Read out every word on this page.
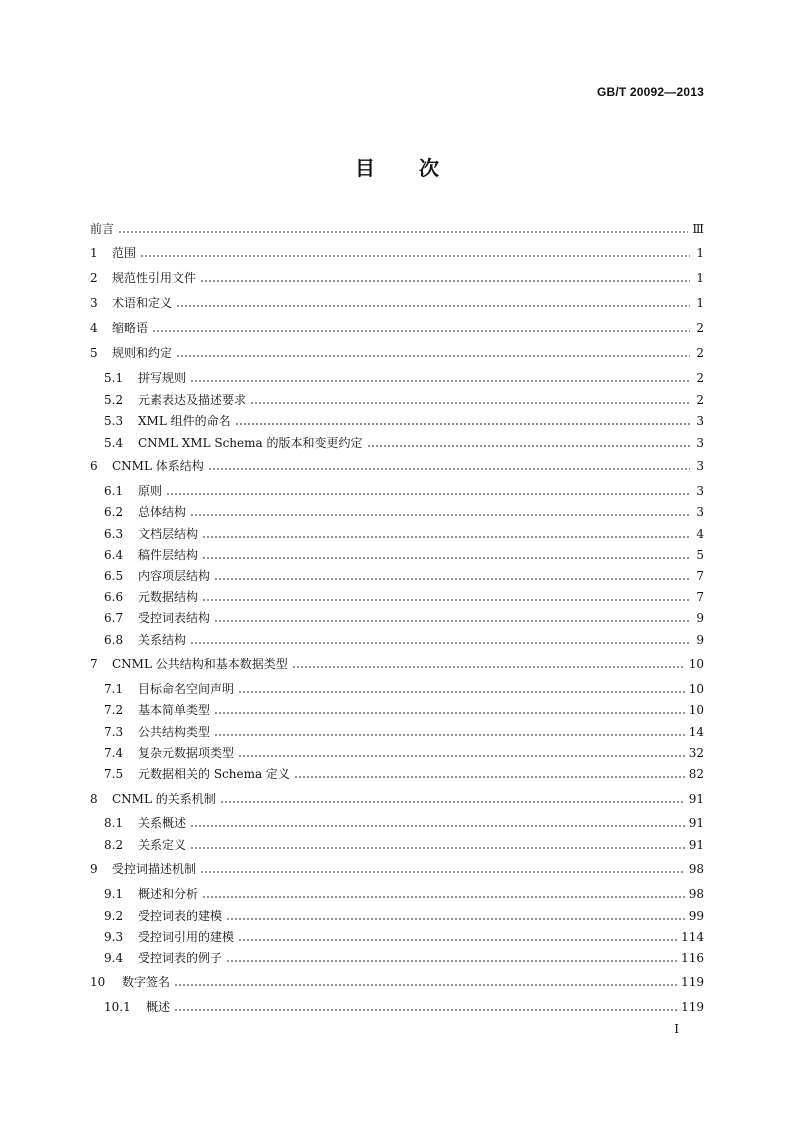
GB/T 20092—2013
目次
前言	Ⅲ
1	范围	1
2	规范性引用文件	1
3	术语和定义	1
4	缩略语	2
5	规则和约定	2
5.1	拼写规则	2
5.2	元素表达及描述要求	2
5.3	XML 组件的命名	3
5.4	CNML XML Schema 的版本和变更约定	3
6	CNML 体系结构	3
6.1	原则	3
6.2	总体结构	3
6.3	文档层结构	4
6.4	稿件层结构	5
6.5	内容项层结构	7
6.6	元数据结构	7
6.7	受控词表结构	9
6.8	关系结构	9
7	CNML 公共结构和基本数据类型	10
7.1	目标命名空间声明	10
7.2	基本简单类型	10
7.3	公共结构类型	14
7.4	复杂元数据项类型	32
7.5	元数据相关的 Schema 定义	82
8	CNML 的关系机制	91
8.1	关系概述	91
8.2	关系定义	91
9	受控词描述机制	98
9.1	概述和分析	98
9.2	受控词表的建模	99
9.3	受控词引用的建模	114
9.4	受控词表的例子	116
10	数字签名	119
10.1	概述	119
I
